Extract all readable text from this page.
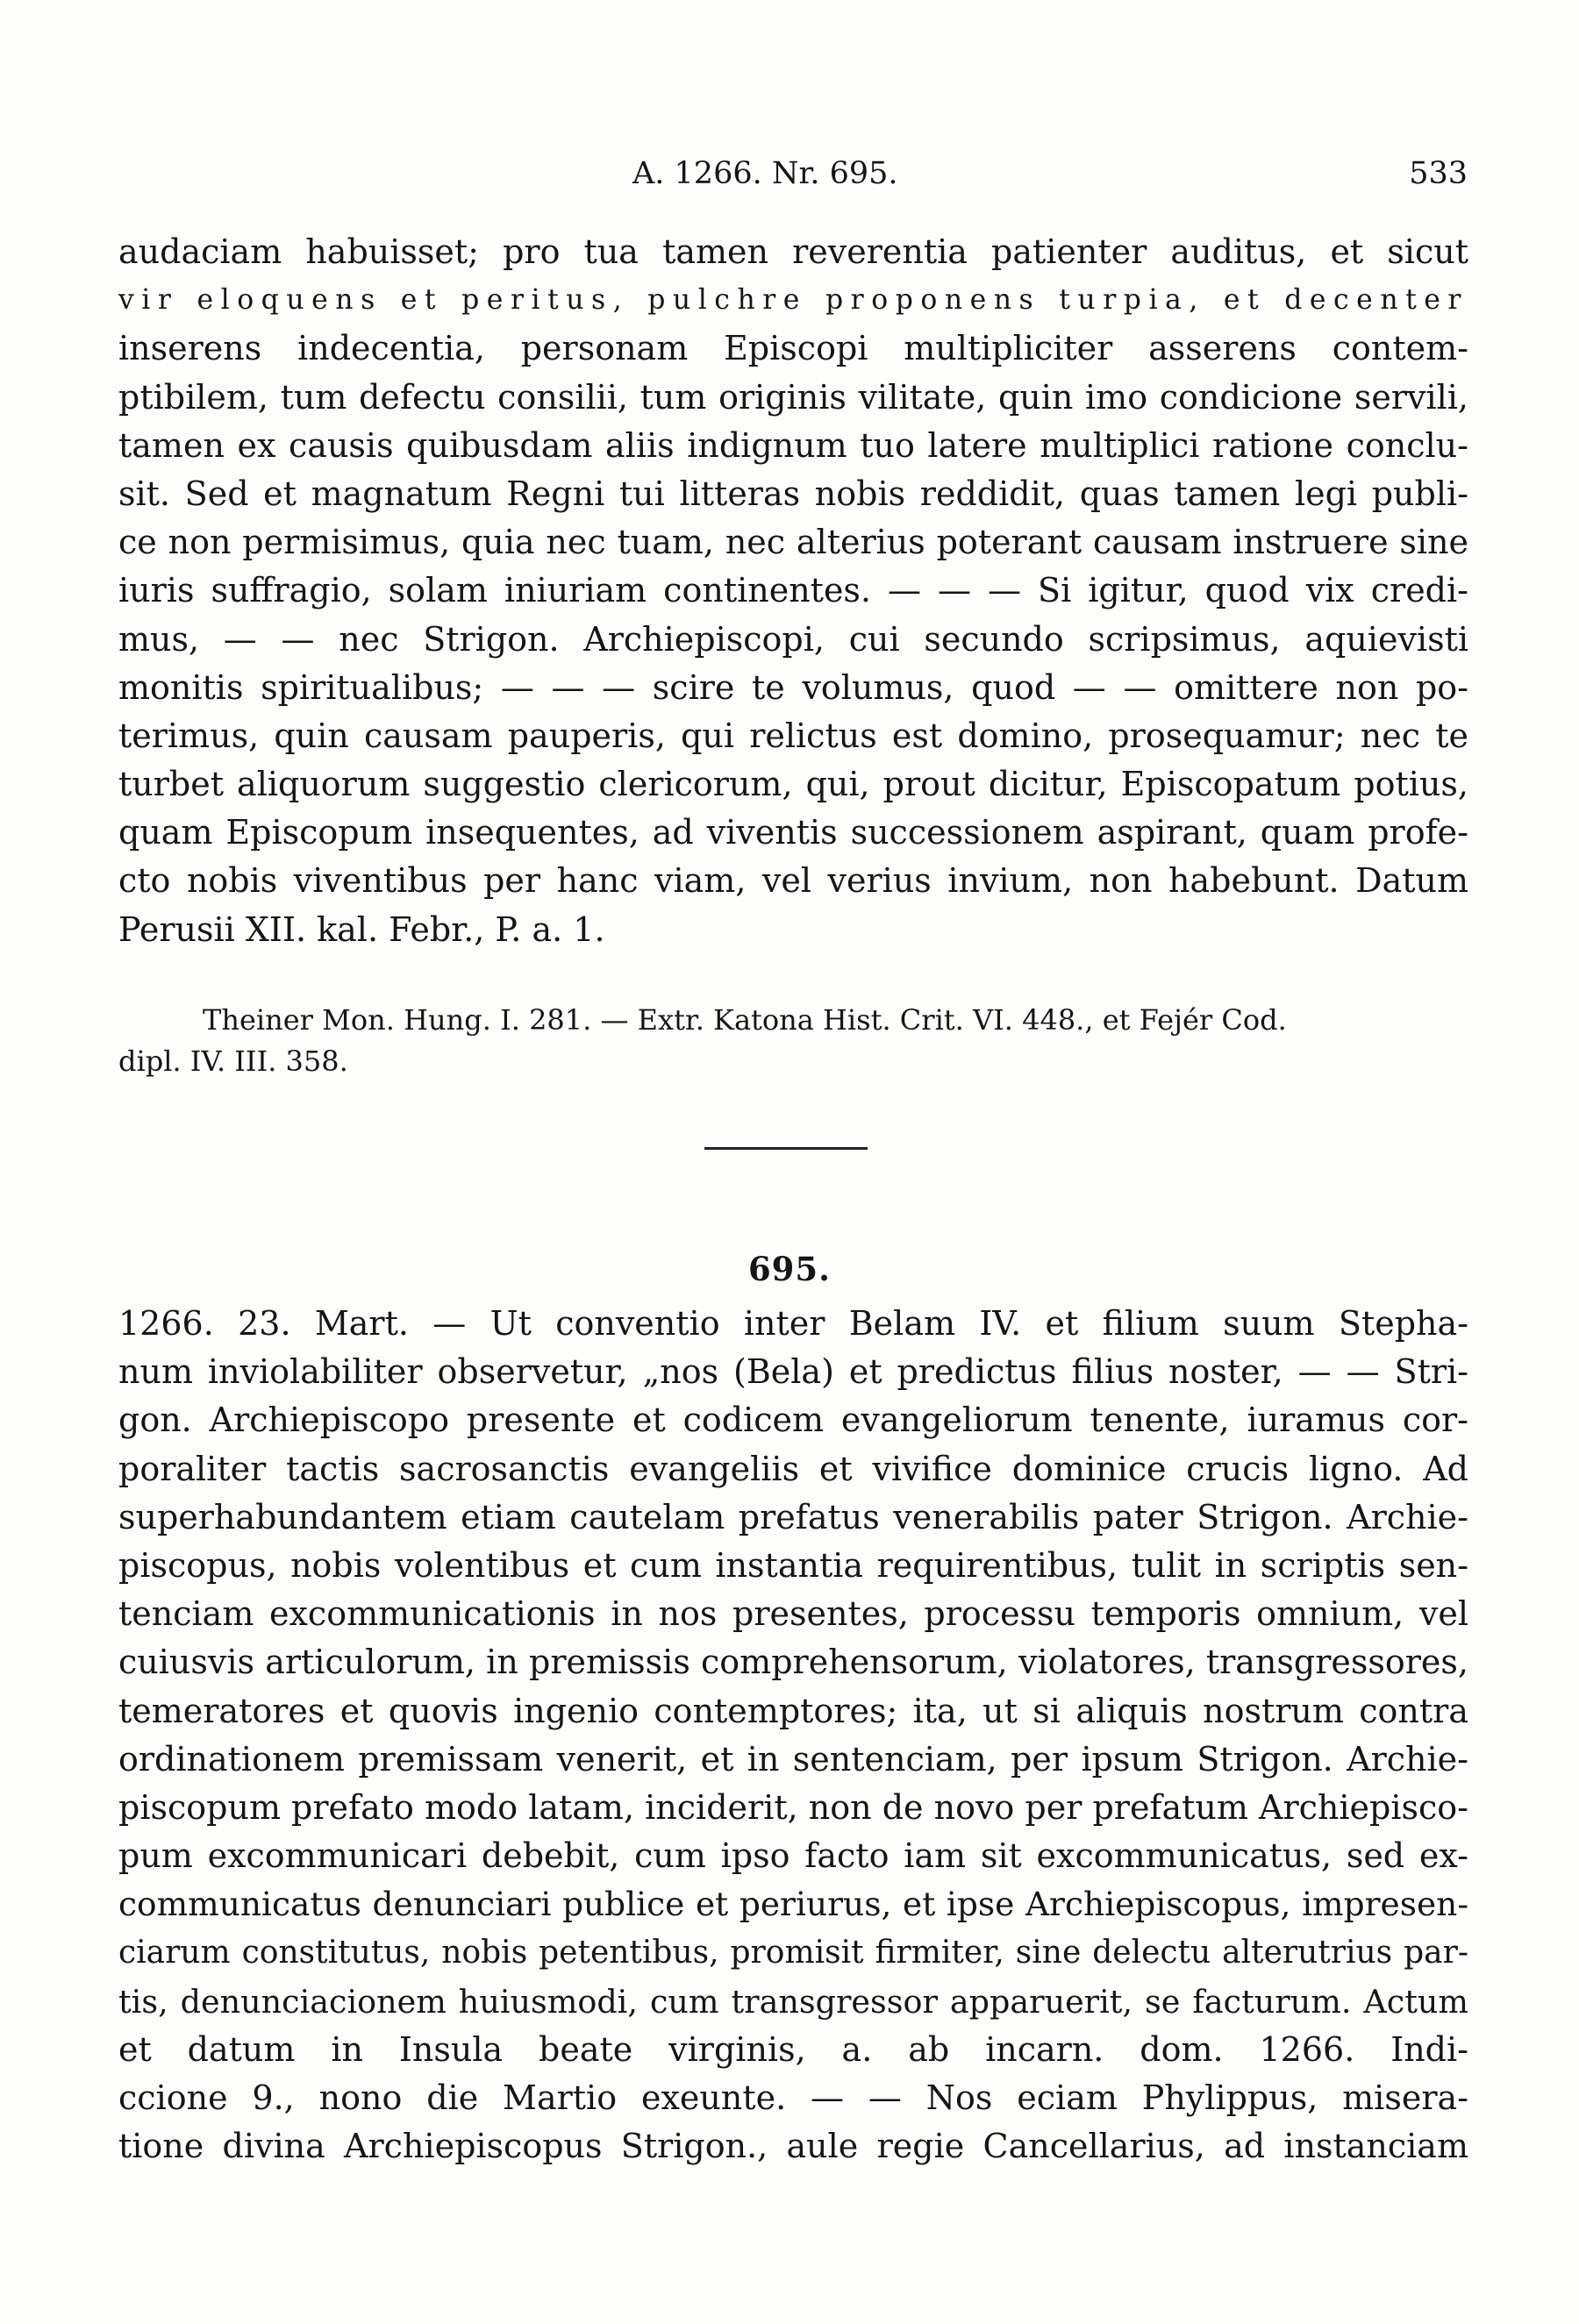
A. 1266. Nr. 695.	533
audaciam habuisset; pro tua tamen reverentia patienter auditus, et sicut
vir eloquens et peritus, pulchre proponens turpia, et decenter
inserens indecentia, personam Episcopi multipliciter asserens contem-
ptibilem, tum defectu consilii, tum originis vilitate, quin imo condicione servili,
tamen ex causis quibusdam aliis indignum tuo latere multiplici ratione conclu-
sit. Sed et magnatum Regni tui litteras nobis reddidit, quas tamen legi publi-
ce non permisimus, quia nec tuam, nec alterius poterant causam instruere sine
iuris suffragio, solam iniuriam continentes. — — — Si igitur, quod vix credi-
mus, — — nec Strigon. Archiepiscopi, cui secundo scripsimus, aquievisti
monitis spiritualibus; — — — scire te volumus, quod — — omittere non po-
terimus, quin causam pauperis, qui relictus est domino, prosequamur; nec te
turbet aliquorum suggestio clericorum, qui, prout dicitur, Episcopatum potius,
quam Episcopum insequentes, ad viventis successionem aspirant, quam profe-
cto nobis viventibus per hanc viam, vel verius invium, non habebunt. Datum
Perusii XII. kal. Febr., P. a. 1.
Theiner Mon. Hung. I. 281. — Extr. Katona Hist. Crit. VI. 448., et Fejér Cod.
dipl. IV. III. 358.
695.
1266. 23. Mart. — Ut conventio inter Belam IV. et filium suum Stepha-
num inviolabiliter observetur, „nos (Bela) et predictus filius noster, — — Stri-
gon. Archiepiscopo presente et codicem evangeliorum tenente, iuramus cor-
poraliter tactis sacrosanctis evangeliis et vivifice dominice crucis ligno. Ad
superhabundantem etiam cautelam prefatus venerabilis pater Strigon. Archie-
piscopus, nobis volentibus et cum instantia requirentibus, tulit in scriptis sen-
tenciam excommunicationis in nos presentes, processu temporis omnium, vel
cuiusvis articulorum, in premissis comprehensorum, violatores, transgressores,
temeratores et quovis ingenio contemptores; ita, ut si aliquis nostrum contra
ordinationem premissam venerit, et in sentenciam, per ipsum Strigon. Archie-
piscopum prefato modo latam, inciderit, non de novo per prefatum Archiepisco-
pum excommunicari debebit, cum ipso facto iam sit excommunicatus, sed ex-
communicatus denunciari publice et periurus, et ipse Archiepiscopus, impresen-
ciarum constitutus, nobis petentibus, promisit firmiter, sine delectu alterutrius par-
tis, denunciacionem huiusmodi, cum transgressor apparuerit, se facturum. Actum
et datum in Insula beate virginis, a. ab incarn. dom. 1266. Indi-
ccione 9., nono die Martio exeunte. — — Nos eciam Phylippus, misera-
tione divina Archiepiscopus Strigon., aule regie Cancellarius, ad instanciam
